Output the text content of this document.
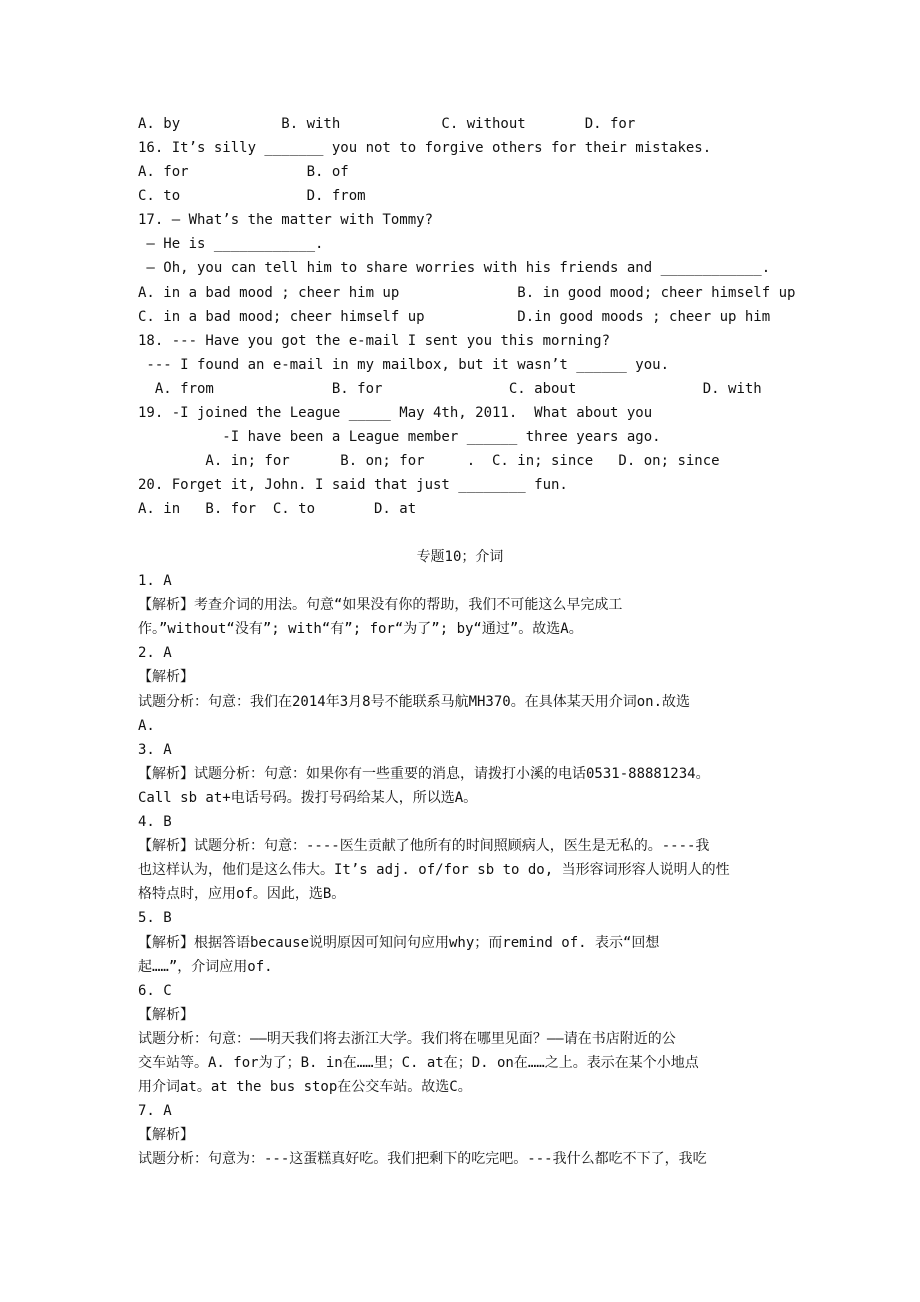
A. by            B. with            C. without       D. for
16. It’s silly _______ you not to forgive others for their mistakes.
A. for              B. of
C. to               D. from
17. – What’s the matter with Tommy?
– He is ____________.
– Oh, you can tell him to share worries with his friends and ____________.
A. in a bad mood ; cheer him up              B. in good mood; cheer himself up
C. in a bad mood; cheer himself up           D.in good moods ; cheer up him
18. --- Have you got the e-mail I sent you this morning?
--- I found an e-mail in my mailbox, but it wasn’t ______ you.
A. from              B. for               C. about               D. with
19. -I joined the League _____ May 4th, 2011.  What about you
-I have been a League member ______ three years ago.
A. in; for      B. on; for     .  C. in; since   D. on; since
20. Forget it, John. I said that just ________ fun.
A. in   B. for  C. to       D. at
专题10；介词
1. A
【解析】考查介词的用法。句意“如果没有你的帮助，我们不可能这么早完成工
作。”without“没有”; with“有”; for“为了”; by“通过”。故选A。
2. A
【解析】
试题分析：句意：我们在2014年3月8号不能联系马航MH370。在具体某天用介词on.故选
A.
3. A
【解析】试题分析：句意：如果你有一些重要的消息，请拨打小溪的电话0531-88881234。
Call sb at+电话号码。拨打号码给某人，所以选A。
4. B
【解析】试题分析：句意：----医生贡献了他所有的时间照顾病人，医生是无私的。----我
也这样认为，他们是这么伟大。It’s adj. of/for sb to do, 当形容词形容人说明人的性
格特点时，应用of。因此，选B。
5. B
【解析】根据答语because说明原因可知问句应用why；而remind of. 表示“回想
起……”，介词应用of.
6. C
【解析】
试题分析：句意：——明天我们将去浙江大学。我们将在哪里见面？——请在书店附近的公
交车站等。A. for为了；B. in在……里；C. at在；D. on在……之上。表示在某个小地点
用介词at。at the bus stop在公交车站。故选C。
7. A
【解析】
试题分析：句意为：---这蛋糕真好吃。我们把剩下的吃完吧。---我什么都吃不下了，我吃
